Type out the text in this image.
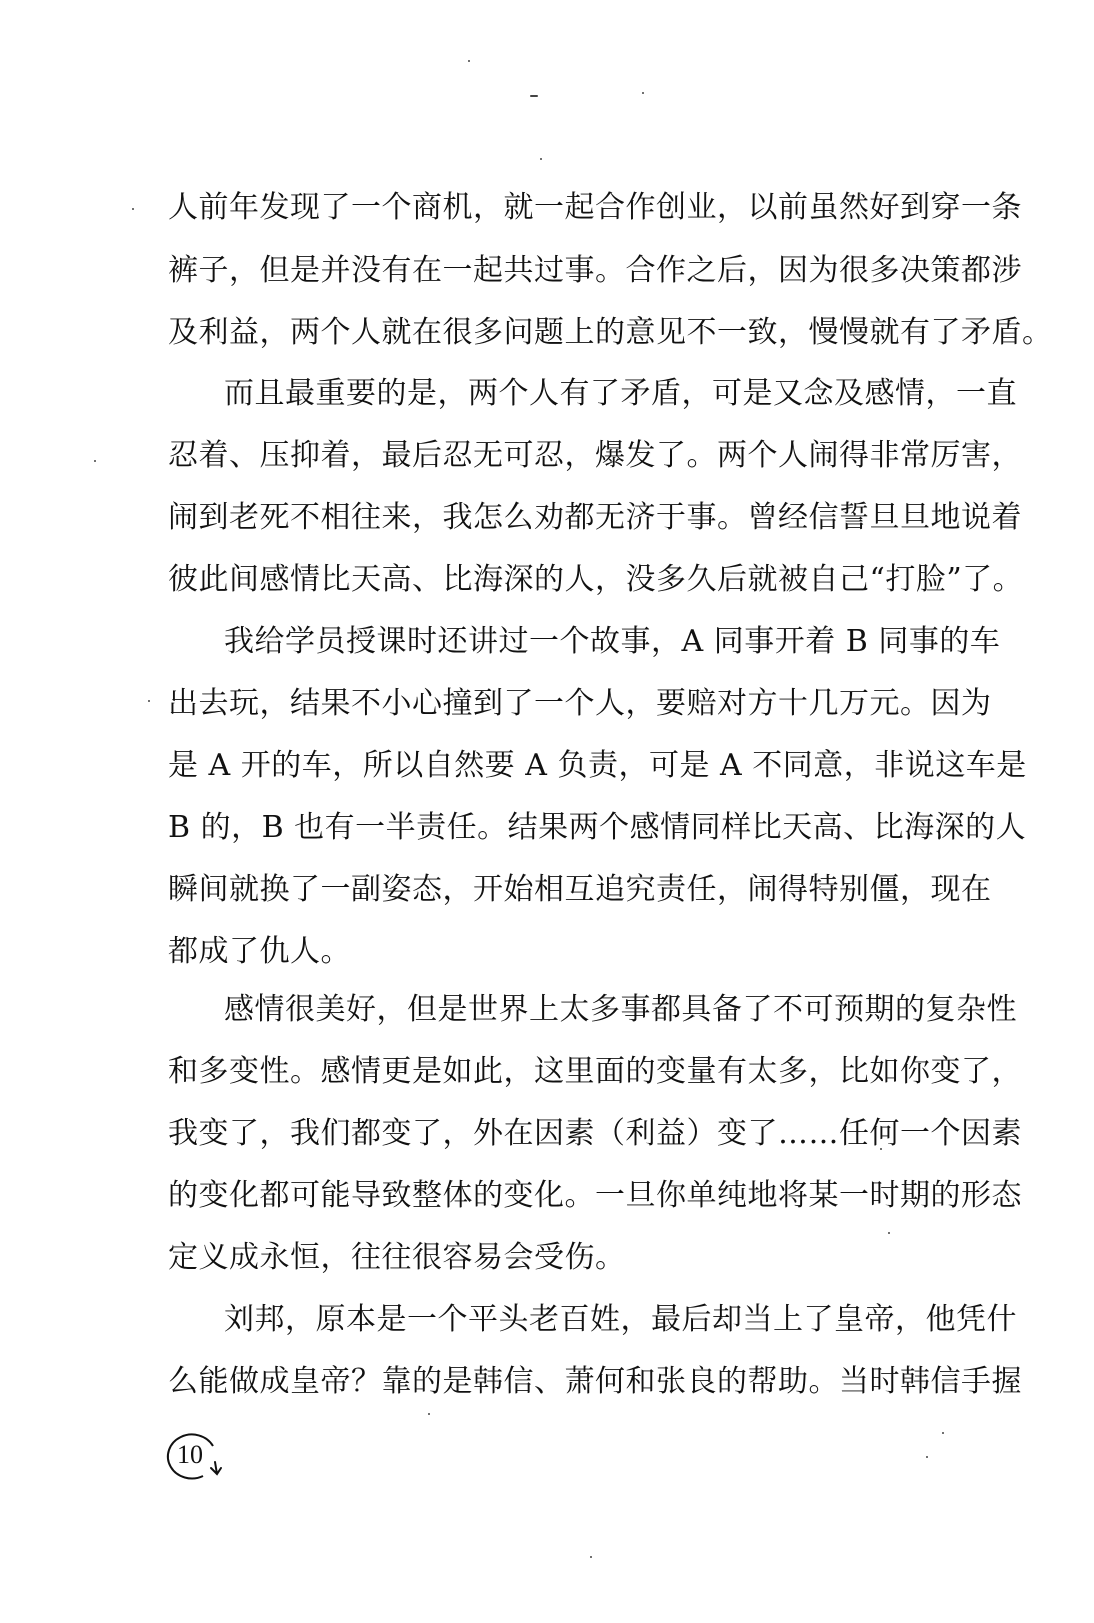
人前年发现了一个商机，就一起合作创业，以前虽然好到穿一条
裤子，但是并没有在一起共过事。合作之后，因为很多决策都涉
及利益，两个人就在很多问题上的意见不一致，慢慢就有了矛盾。
而且最重要的是，两个人有了矛盾，可是又念及感情，一直
忍着、压抑着，最后忍无可忍，爆发了。两个人闹得非常厉害，
闹到老死不相往来，我怎么劝都无济于事。曾经信誓旦旦地说着
彼此间感情比天高、比海深的人，没多久后就被自己“打脸”了。
我给学员授课时还讲过一个故事，A 同事开着 B 同事的车
出去玩，结果不小心撞到了一个人，要赔对方十几万元。因为
是 A 开的车，所以自然要 A 负责，可是 A 不同意，非说这车是
B 的，B 也有一半责任。结果两个感情同样比天高、比海深的人
瞬间就换了一副姿态，开始相互追究责任，闹得特别僵，现在
都成了仇人。
感情很美好，但是世界上太多事都具备了不可预期的复杂性
和多变性。感情更是如此，这里面的变量有太多，比如你变了，
我变了，我们都变了，外在因素（利益）变了……任何一个因素
的变化都可能导致整体的变化。一旦你单纯地将某一时期的形态
定义成永恒，往往很容易会受伤。
刘邦，原本是一个平头老百姓，最后却当上了皇帝，他凭什
么能做成皇帝？靠的是韩信、萧何和张良的帮助。当时韩信手握
10
